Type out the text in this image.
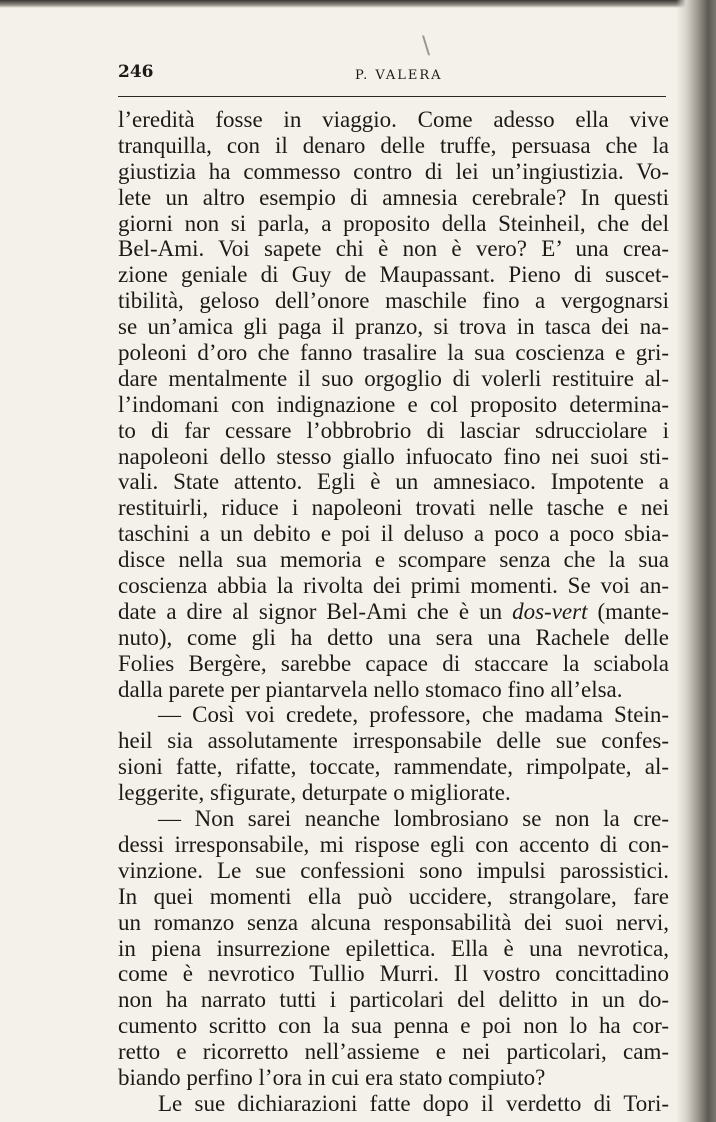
\
246	P. VALERA
l’eredità fosse in viaggio. Come adesso ella vive
tranquilla, con il denaro delle truffe, persuasa che la
giustizia ha commesso contro di lei un’ingiustizia. Vo-
lete un altro esempio di amnesia cerebrale? In questi
giorni non si parla, a proposito della Steinheil, che del
Bel-Ami. Voi sapete chi è non è vero? E’ una crea-
zione geniale di Guy de Maupassant. Pieno di suscet-
tibilità, geloso dell’onore maschile fino a vergognarsi
se un’amica gli paga il pranzo, si trova in tasca dei na-
poleoni d’oro che fanno trasalire la sua coscienza e gri-
dare mentalmente il suo orgoglio di volerli restituire al-
l’indomani con indignazione e col proposito determina-
to di far cessare l’obbrobrio di lasciar sdrucciolare i
napoleoni dello stesso giallo infuocato fino nei suoi sti-
vali. State attento. Egli è un amnesiaco. Impotente a
restituirli, riduce i napoleoni trovati nelle tasche e nei
taschini a un debito e poi il deluso a poco a poco sbia-
disce nella sua memoria e scompare senza che la sua
coscienza abbia la rivolta dei primi momenti. Se voi an-
date a dire al signor Bel-Ami che è un dos-vert (mante-
nuto), come gli ha detto una sera una Rachele delle
Folies Bergère, sarebbe capace di staccare la sciabola
dalla parete per piantarvela nello stomaco fino all’elsa.
— Così voi credete, professore, che madama Stein-
heil sia assolutamente irresponsabile delle sue confes-
sioni fatte, rifatte, toccate, rammendate, rimpolpate, al-
leggerite, sfigurate, deturpate o migliorate.
— Non sarei neanche lombrosiano se non la cre-
dessi irresponsabile, mi rispose egli con accento di con-
vinzione. Le sue confessioni sono impulsi parossistici.
In quei momenti ella può uccidere, strangolare, fare
un romanzo senza alcuna responsabilità dei suoi nervi,
in piena insurrezione epilettica. Ella è una nevrotica,
come è nevrotico Tullio Murri. Il vostro concittadino
non ha narrato tutti i particolari del delitto in un do-
cumento scritto con la sua penna e poi non lo ha cor-
retto e ricorretto nell’assieme e nei particolari, cam-
biando perfino l’ora in cui era stato compiuto?
Le sue dichiarazioni fatte dopo il verdetto di Tori-
